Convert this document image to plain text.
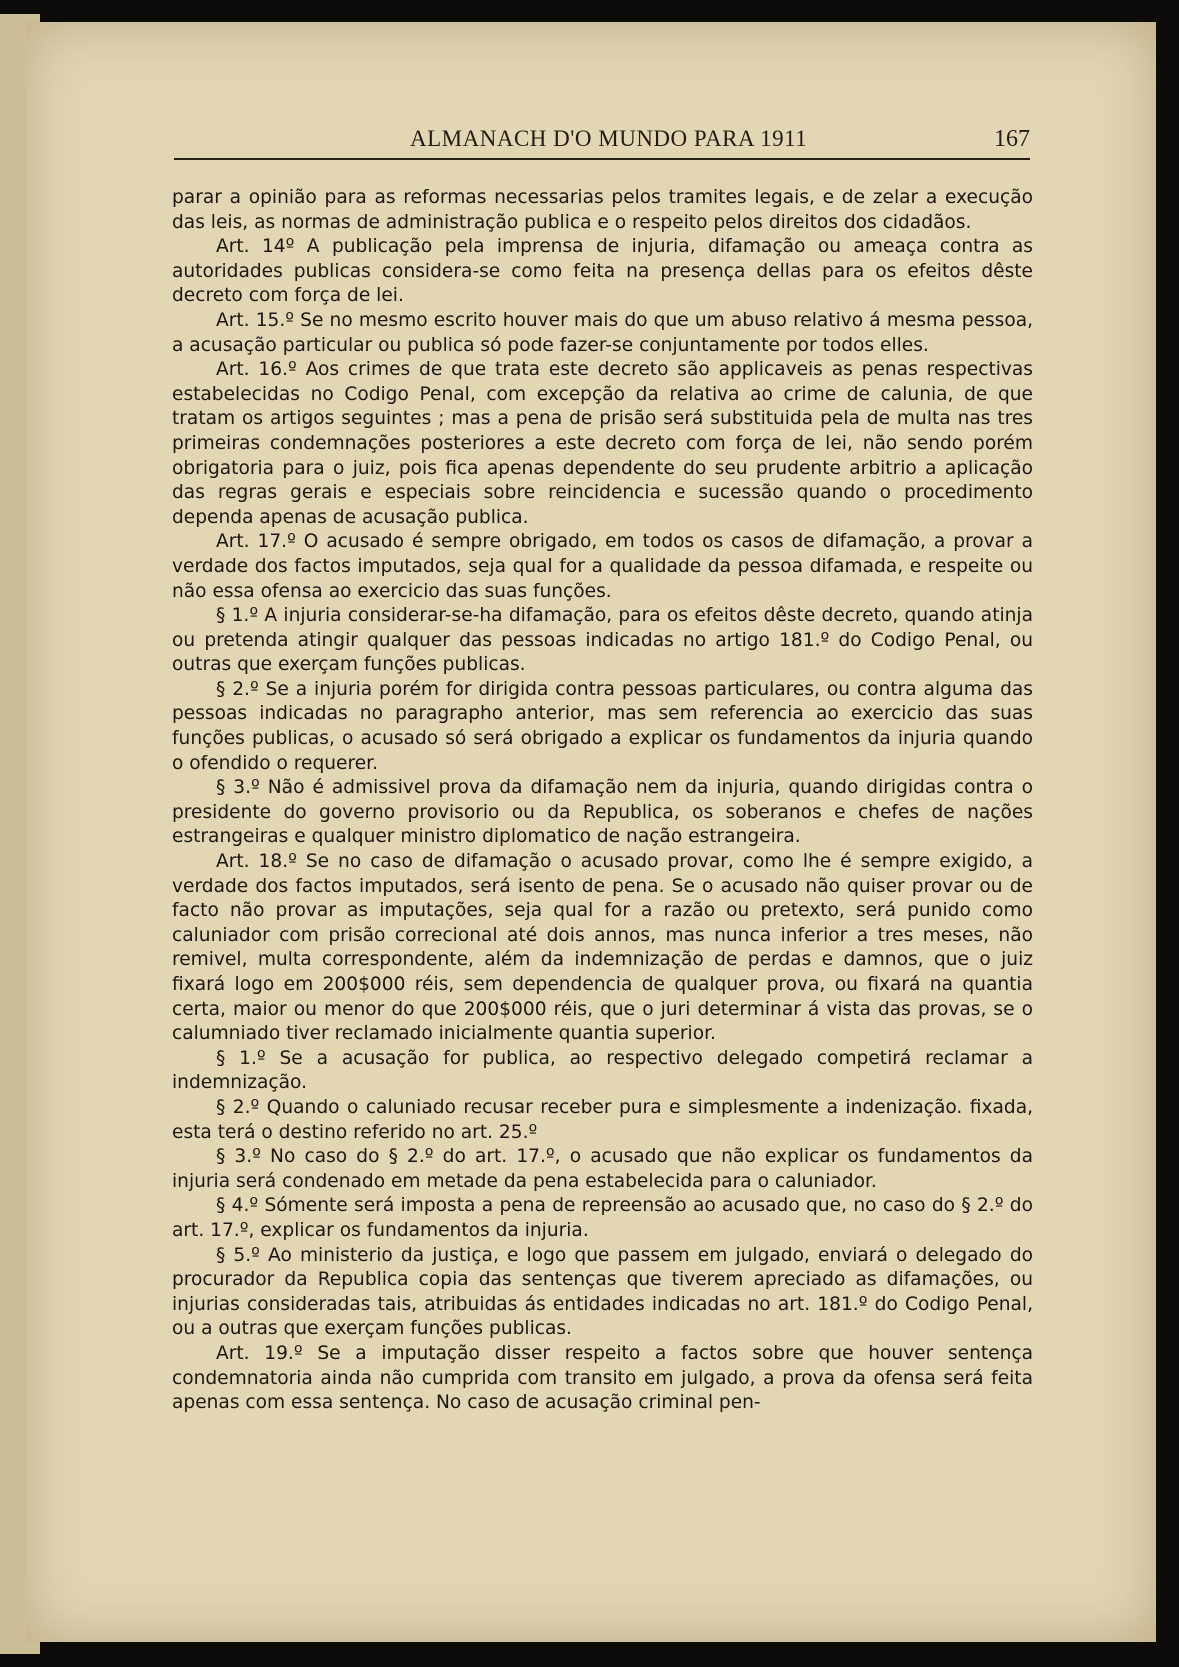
ALMANACH D'O MUNDO PARA 1911	167

parar a opinião para as reformas necessarias pelos tramites legais, e de zelar a execução das leis, as normas de administração publica e o respeito pelos direitos dos cidadãos.

Art. 14º A publicação pela imprensa de injuria, difamação ou ameaça contra as autoridades publicas considera-se como feita na presença dellas para os efeitos dêste decreto com força de lei.

Art. 15.º Se no mesmo escrito houver mais do que um abuso relativo á mesma pessoa, a acusação particular ou publica só pode fazer-se conjuntamente por todos elles.

Art. 16.º Aos crimes de que trata este decreto são applicaveis as penas respectivas estabelecidas no Codigo Penal, com excepção da relativa ao crime de calunia, de que tratam os artigos seguintes ; mas a pena de prisão será substituida pela de multa nas tres primeiras condemnações posteriores a este decreto com força de lei, não sendo porém obrigatoria para o juiz, pois fica apenas dependente do seu prudente arbitrio a aplicação das regras gerais e especiais sobre reincidencia e sucessão quando o procedimento dependa apenas de acusação publica.

Art. 17.º O acusado é sempre obrigado, em todos os casos de difamação, a provar a verdade dos factos imputados, seja qual for a qualidade da pessoa difamada, e respeite ou não essa ofensa ao exercicio das suas funções.

§ 1.º A injuria considerar-se-ha difamação, para os efeitos dêste decreto, quando atinja ou pretenda atingir qualquer das pessoas indicadas no artigo 181.º do Codigo Penal, ou outras que exerçam funções publicas.

§ 2.º Se a injuria porém for dirigida contra pessoas particulares, ou contra alguma das pessoas indicadas no paragrapho anterior, mas sem referencia ao exercicio das suas funções publicas, o acusado só será obrigado a explicar os fundamentos da injuria quando o ofendido o requerer.

§ 3.º Não é admissivel prova da difamação nem da injuria, quando dirigidas contra o presidente do governo provisorio ou da Republica, os soberanos e chefes de nações estrangeiras e qualquer ministro diplomatico de nação estrangeira.

Art. 18.º Se no caso de difamação o acusado provar, como lhe é sempre exigido, a verdade dos factos imputados, será isento de pena. Se o acusado não quiser provar ou de facto não provar as imputações, seja qual for a razão ou pretexto, será punido como caluniador com prisão correcional até dois annos, mas nunca inferior a tres meses, não remivel, multa correspondente, além da indemnização de perdas e damnos, que o juiz fixará logo em 200$000 réis, sem dependencia de qualquer prova, ou fixará na quantia certa, maior ou menor do que 200$000 réis, que o juri determinar á vista das provas, se o calumniado tiver reclamado inicialmente quantia superior.

§ 1.º Se a acusação for publica, ao respectivo delegado competirá reclamar a indemnização.

§ 2.º Quando o caluniado recusar receber pura e simplesmente a indenização. fixada, esta terá o destino referido no art. 25.º

§ 3.º No caso do § 2.º do art. 17.º, o acusado que não explicar os fundamentos da injuria será condenado em metade da pena estabelecida para o caluniador.

§ 4.º Sómente será imposta a pena de repreensão ao acusado que, no caso do § 2.º do art. 17.º, explicar os fundamentos da injuria.

§ 5.º Ao ministerio da justiça, e logo que passem em julgado, enviará o delegado do procurador da Republica copia das sentenças que tiverem apreciado as difamações, ou injurias consideradas tais, atribuidas ás entidades indicadas no art. 181.º do Codigo Penal, ou a outras que exerçam funções publicas.

Art. 19.º Se a imputação disser respeito a factos sobre que houver sentença condemnatoria ainda não cumprida com transito em julgado, a prova da ofensa será feita apenas com essa sentença. No caso de acusação criminal pen-
